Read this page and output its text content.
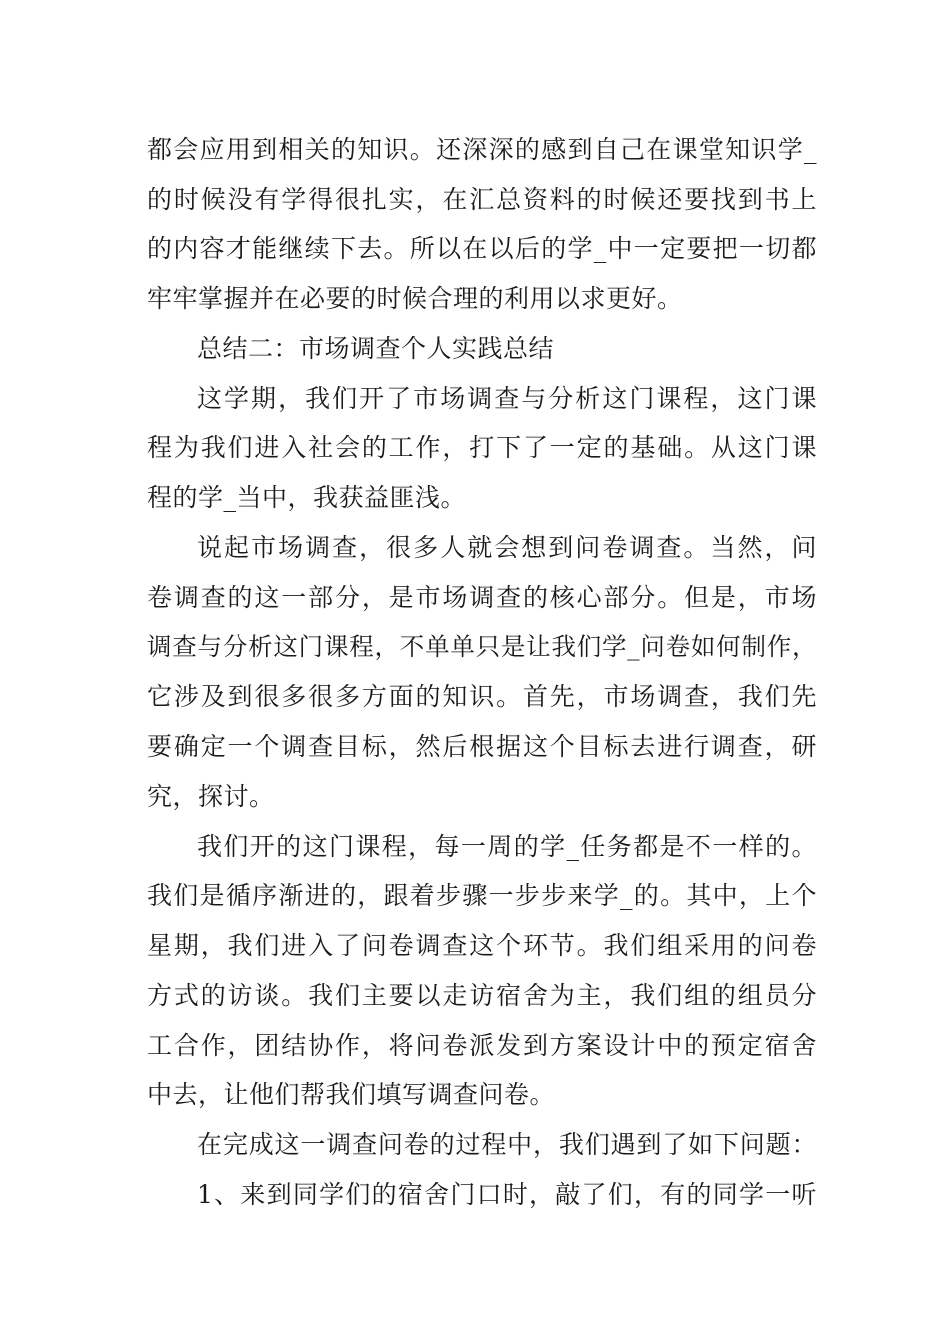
都会应用到相关的知识。还深深的感到自己在课堂知识学_
的时候没有学得很扎实，在汇总资料的时候还要找到书上
的内容才能继续下去。所以在以后的学_中一定要把一切都
牢牢掌握并在必要的时候合理的利用以求更好。
总结二：市场调查个人实践总结
这学期，我们开了市场调查与分析这门课程，这门课
程为我们进入社会的工作，打下了一定的基础。从这门课
程的学_当中，我获益匪浅。
说起市场调查，很多人就会想到问卷调查。当然，问
卷调查的这一部分，是市场调查的核心部分。但是，市场
调查与分析这门课程，不单单只是让我们学_问卷如何制作，
它涉及到很多很多方面的知识。首先，市场调查，我们先
要确定一个调查目标，然后根据这个目标去进行调查，研
究，探讨。
我们开的这门课程，每一周的学_任务都是不一样的。
我们是循序渐进的，跟着步骤一步步来学_的。其中，上个
星期，我们进入了问卷调查这个环节。我们组采用的问卷
方式的访谈。我们主要以走访宿舍为主，我们组的组员分
工合作，团结协作，将问卷派发到方案设计中的预定宿舍
中去，让他们帮我们填写调查问卷。
在完成这一调查问卷的过程中，我们遇到了如下问题：
1、来到同学们的宿舍门口时，敲了们，有的同学一听
